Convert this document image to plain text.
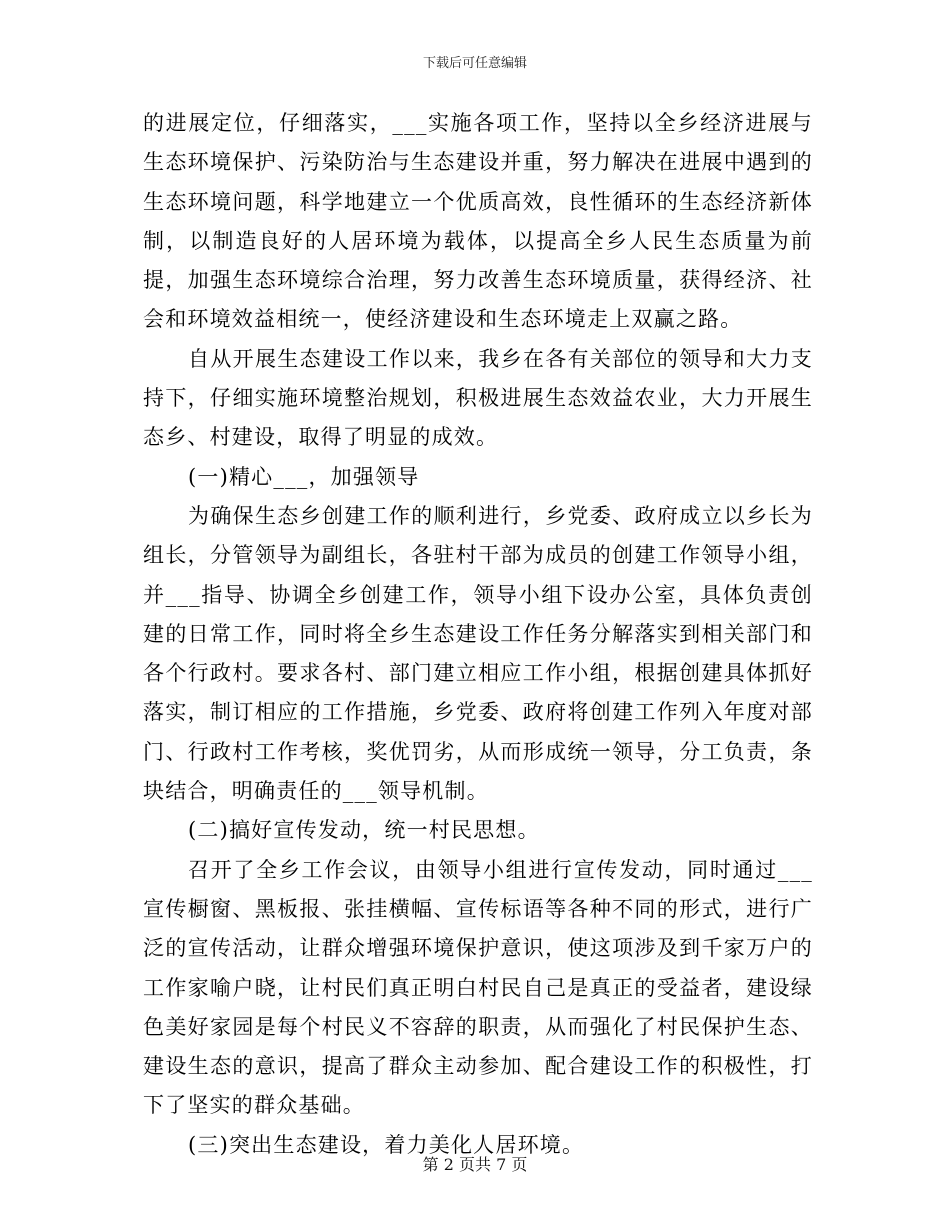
下载后可任意编辑

的进展定位，仔细落实，___实施各项工作，坚持以全乡经济进展与生态环境保护、污染防治与生态建设并重，努力解决在进展中遇到的生态环境问题，科学地建立一个优质高效，良性循环的生态经济新体制，以制造良好的人居环境为载体，以提高全乡人民生态质量为前提，加强生态环境综合治理，努力改善生态环境质量，获得经济、社会和环境效益相统一，使经济建设和生态环境走上双赢之路。

自从开展生态建设工作以来，我乡在各有关部位的领导和大力支持下，仔细实施环境整治规划，积极进展生态效益农业，大力开展生态乡、村建设，取得了明显的成效。

(一)精心___，加强领导

为确保生态乡创建工作的顺利进行，乡党委、政府成立以乡长为组长，分管领导为副组长，各驻村干部为成员的创建工作领导小组，并___指导、协调全乡创建工作，领导小组下设办公室，具体负责创建的日常工作，同时将全乡生态建设工作任务分解落实到相关部门和各个行政村。要求各村、部门建立相应工作小组，根据创建具体抓好落实，制订相应的工作措施，乡党委、政府将创建工作列入年度对部门、行政村工作考核，奖优罚劣，从而形成统一领导，分工负责，条块结合，明确责任的___领导机制。

(二)搞好宣传发动，统一村民思想。

召开了全乡工作会议，由领导小组进行宣传发动，同时通过___宣传橱窗、黑板报、张挂横幅、宣传标语等各种不同的形式，进行广泛的宣传活动，让群众增强环境保护意识，使这项涉及到千家万户的工作家喻户晓，让村民们真正明白村民自己是真正的受益者，建设绿色美好家园是每个村民义不容辞的职责，从而强化了村民保护生态、建设生态的意识，提高了群众主动参加、配合建设工作的积极性，打下了坚实的群众基础。

(三)突出生态建设，着力美化人居环境。

第 2 页共 7 页
